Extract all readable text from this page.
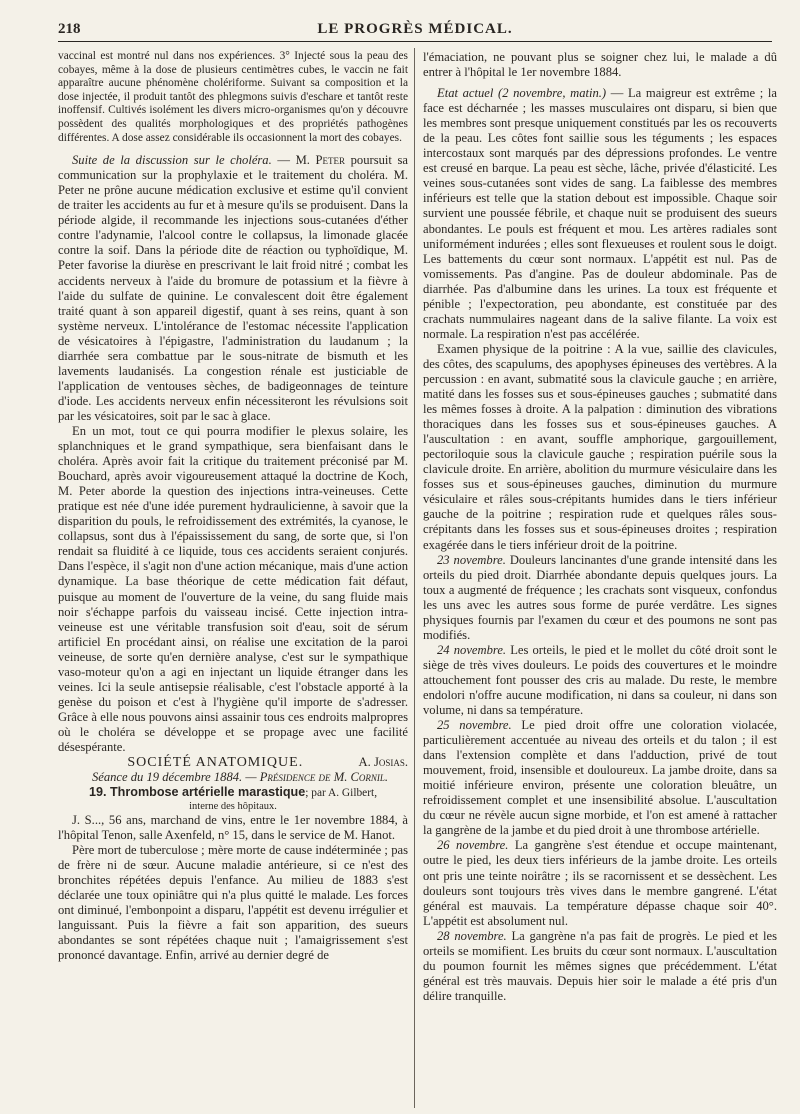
218	LE PROGRÈS MÉDICAL.

vaccinal est montré nul dans nos expériences. 3° Injecté sous la peau des cobayes, même à la dose de plusieurs centimètres cubes, le vaccin ne fait apparaître aucune phénomène cholériforme. Suivant sa composition et la dose injectée, il produit tantôt des phlegmons suivis d'eschare et tantôt reste inoffensif. Cultivés isolément les divers micro-organismes qu'on y découvre possèdent des qualités morphologiques et des propriétés pathogènes différentes. A dose assez considérable ils occasionnent la mort des cobayes.

Suite de la discussion sur le choléra. — M. Peter poursuit sa communication sur la prophylaxie et le traitement du choléra. M. Peter ne prône aucune médication exclusive et estime qu'il convient de traiter les accidents au fur et à mesure qu'ils se produisent. Dans la période algide, il recommande les injections sous-cutanées d'éther contre l'adynamie, l'alcool contre le collapsus, la limonade glacée contre la soif. Dans la période dite de réaction ou typhoïdique, M. Peter favorise la diurèse en prescrivant le lait froid nitré ; combat les accidents nerveux à l'aide du bromure de potassium et la fièvre à l'aide du sulfate de quinine. Le convalescent doit être également traité quant à son appareil digestif, quant à ses reins, quant à son système nerveux. L'intolérance de l'estomac nécessite l'application de vésicatoires à l'épigastre, l'administration du laudanum ; la diarrhée sera combattue par le sous-nitrate de bismuth et les lavements laudanisés. La congestion rénale est justiciable de l'application de ventouses sèches, de badigeonnages de teinture d'iode. Les accidents nerveux enfin nécessiteront les révulsions soit par les vésicatoires, soit par le sac à glace.

En un mot, tout ce qui pourra modifier le plexus solaire, les splanchniques et le grand sympathique, sera bienfaisant dans le choléra. Après avoir fait la critique du traitement préconisé par M. Bouchard, après avoir vigoureusement attaqué la doctrine de Koch, M. Peter aborde la question des injections intra-veineuses. Cette pratique est née d'une idée purement hydraulicienne, à savoir que la disparition du pouls, le refroidissement des extrémités, la cyanose, le collapsus, sont dus à l'épaississement du sang, de sorte que, si l'on rendait sa fluidité à ce liquide, tous ces accidents seraient conjurés. Dans l'espèce, il s'agit non d'une action mécanique, mais d'une action dynamique. La base théorique de cette médication fait défaut, puisque au moment de l'ouverture de la veine, du sang fluide mais noir s'échappe parfois du vaisseau incisé. Cette injection intra-veineuse est une véritable transfusion soit d'eau, soit de sérum artificiel En procédant ainsi, on réalise une excitation de la paroi veineuse, de sorte qu'en dernière analyse, c'est sur le sympathique vaso-moteur qu'on a agi en injectant un liquide étranger dans les veines. Ici la seule antisepsie réalisable, c'est l'obstacle apporté à la genèse du poison et c'est à l'hygiène qu'il importe de s'adresser. Grâce à elle nous pouvons ainsi assainir tous ces endroits malpropres où le choléra se développe et se propage avec une facilité désespérante.

A. Josias.

SOCIÉTÉ ANATOMIQUE.

Séance du 19 décembre 1884. — Présidence de M. Cornil.

19. Thrombose artérielle marastique; par A. Gilbert,
interne des hôpitaux.

J. S..., 56 ans, marchand de vins, entre le 1er novembre 1884, à l'hôpital Tenon, salle Axenfeld, n° 15, dans le service de M. Hanot.

Père mort de tuberculose ; mère morte de cause indéterminée ; pas de frère ni de sœur. Aucune maladie antérieure, si ce n'est des bronchites répétées depuis l'enfance. Au milieu de 1883 s'est déclarée une toux opiniâtre qui n'a plus quitté le malade. Les forces ont diminué, l'embonpoint a disparu, l'appétit est devenu irrégulier et languissant. Puis la fièvre a fait son apparition, des sueurs abondantes se sont répétées chaque nuit ; l'amaigrissement s'est prononcé davantage. Enfin, arrivé au dernier degré de

l'émaciation, ne pouvant plus se soigner chez lui, le malade a dû entrer à l'hôpital le 1er novembre 1884.

Etat actuel (2 novembre, matin.) — La maigreur est extrême ; la face est décharnée ; les masses musculaires ont disparu, si bien que les membres sont presque uniquement constitués par les os recouverts de la peau. Les côtes font saillie sous les téguments ; les espaces intercostaux sont marqués par des dépressions profondes. Le ventre est creusé en barque. La peau est sèche, lâche, privée d'élasticité. Les veines sous-cutanées sont vides de sang. La faiblesse des membres inférieurs est telle que la station debout est impossible. Chaque soir survient une poussée fébrile, et chaque nuit se produisent des sueurs abondantes. Le pouls est fréquent et mou. Les artères radiales sont uniformément indurées ; elles sont flexueuses et roulent sous le doigt. Les battements du cœur sont normaux. L'appétit est nul. Pas de vomissements. Pas d'angine. Pas de douleur abdominale. Pas de diarrhée. Pas d'albumine dans les urines. La toux est fréquente et pénible ; l'expectoration, peu abondante, est constituée par des crachats nummulaires nageant dans de la salive filante. La voix est normale. La respiration n'est pas accélérée.

Examen physique de la poitrine : A la vue, saillie des clavicules, des côtes, des scapulums, des apophyses épineuses des vertèbres. A la percussion : en avant, submatité sous la clavicule gauche ; en arrière, matité dans les fosses sus et sous-épineuses gauches ; submatité dans les mêmes fosses à droite. A la palpation : diminution des vibrations thoraciques dans les fosses sus et sous-épineuses gauches. A l'auscultation : en avant, souffle amphorique, gargouillement, pectoriloquie sous la clavicule gauche ; respiration puérile sous la clavicule droite. En arrière, abolition du murmure vésiculaire dans les fosses sus et sous-épineuses gauches, diminution du murmure vésiculaire et râles sous-crépitants humides dans le tiers inférieur gauche de la poitrine ; respiration rude et quelques râles sous-crépitants dans les fosses sus et sous-épineuses droites ; respiration exagérée dans le tiers inférieur droit de la poitrine.

23 novembre. Douleurs lancinantes d'une grande intensité dans les orteils du pied droit. Diarrhée abondante depuis quelques jours. La toux a augmenté de fréquence ; les crachats sont visqueux, confondus les uns avec les autres sous forme de purée verdâtre. Les signes physiques fournis par l'examen du cœur et des poumons ne sont pas modifiés.

24 novembre. Les orteils, le pied et le mollet du côté droit sont le siège de très vives douleurs. Le poids des couvertures et le moindre attouchement font pousser des cris au malade. Du reste, le membre endolori n'offre aucune modification, ni dans sa couleur, ni dans son volume, ni dans sa température.

25 novembre. Le pied droit offre une coloration violacée, particulièrement accentuée au niveau des orteils et du talon ; il est dans l'extension complète et dans l'adduction, privé de tout mouvement, froid, insensible et douloureux. La jambe droite, dans sa moitié inférieure environ, présente une coloration bleuâtre, un refroidissement complet et une insensibilité absolue. L'auscultation du cœur ne révèle aucun signe morbide, et l'on est amené à rattacher la gangrène de la jambe et du pied droit à une thrombose artérielle.

26 novembre. La gangrène s'est étendue et occupe maintenant, outre le pied, les deux tiers inférieurs de la jambe droite. Les orteils ont pris une teinte noirâtre ; ils se racornissent et se dessèchent. Les douleurs sont toujours très vives dans le membre gangrené. L'état général est mauvais. La température dépasse chaque soir 40°. L'appétit est absolument nul.

28 novembre. La gangrène n'a pas fait de progrès. Le pied et les orteils se momifient. Les bruits du cœur sont normaux. L'auscultation du poumon fournit les mêmes signes que précédemment. L'état général est très mauvais. Depuis hier soir le malade a été pris d'un délire tranquille.
